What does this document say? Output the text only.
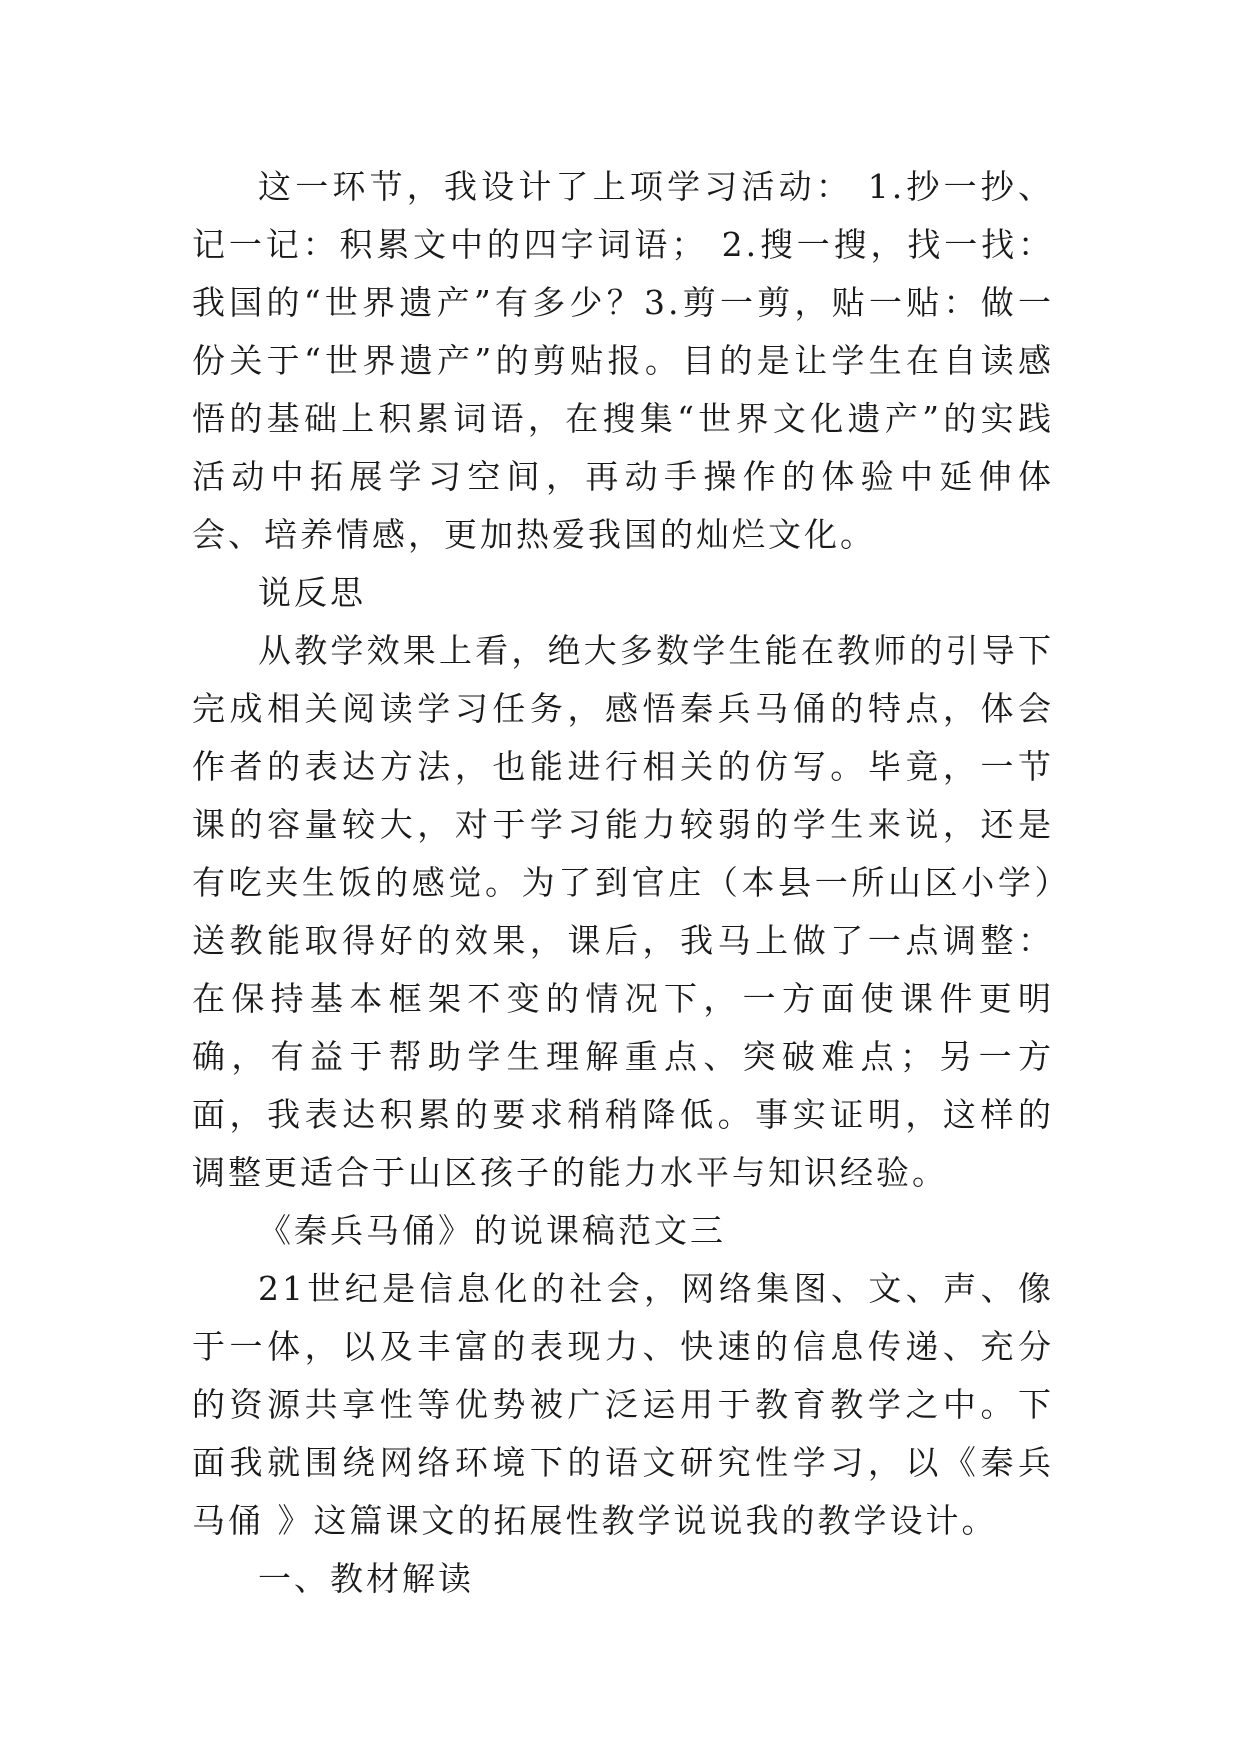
这一环节，我设计了上项学习活动： 1.抄一抄、记一记：积累文中的四字词语； 2.搜一搜，找一找：我国的“世界遗产”有多少？3.剪一剪，贴一贴：做一份关于“世界遗产”的剪贴报。目的是让学生在自读感悟的基础上积累词语，在搜集“世界文化遗产”的实践活动中拓展学习空间，再动手操作的体验中延伸体会、培养情感，更加热爱我国的灿烂文化。

说反思

从教学效果上看，绝大多数学生能在教师的引导下完成相关阅读学习任务，感悟秦兵马俑的特点，体会作者的表达方法，也能进行相关的仿写。毕竟，一节课的容量较大，对于学习能力较弱的学生来说，还是有吃夹生饭的感觉。为了到官庄（本县一所山区小学）送教能取得好的效果，课后，我马上做了一点调整：在保持基本框架不变的情况下，一方面使课件更明确，有益于帮助学生理解重点、突破难点；另一方面，我表达积累的要求稍稍降低。事实证明，这样的调整更适合于山区孩子的能力水平与知识经验。

《秦兵马俑》的说课稿范文三

21世纪是信息化的社会，网络集图、文、声、像于一体，以及丰富的表现力、快速的信息传递、充分的资源共享性等优势被广泛运用于教育教学之中。下面我就围绕网络环境下的语文研究性学习，以《秦兵马俑 》这篇课文的拓展性教学说说我的教学设计。

一、教材解读
